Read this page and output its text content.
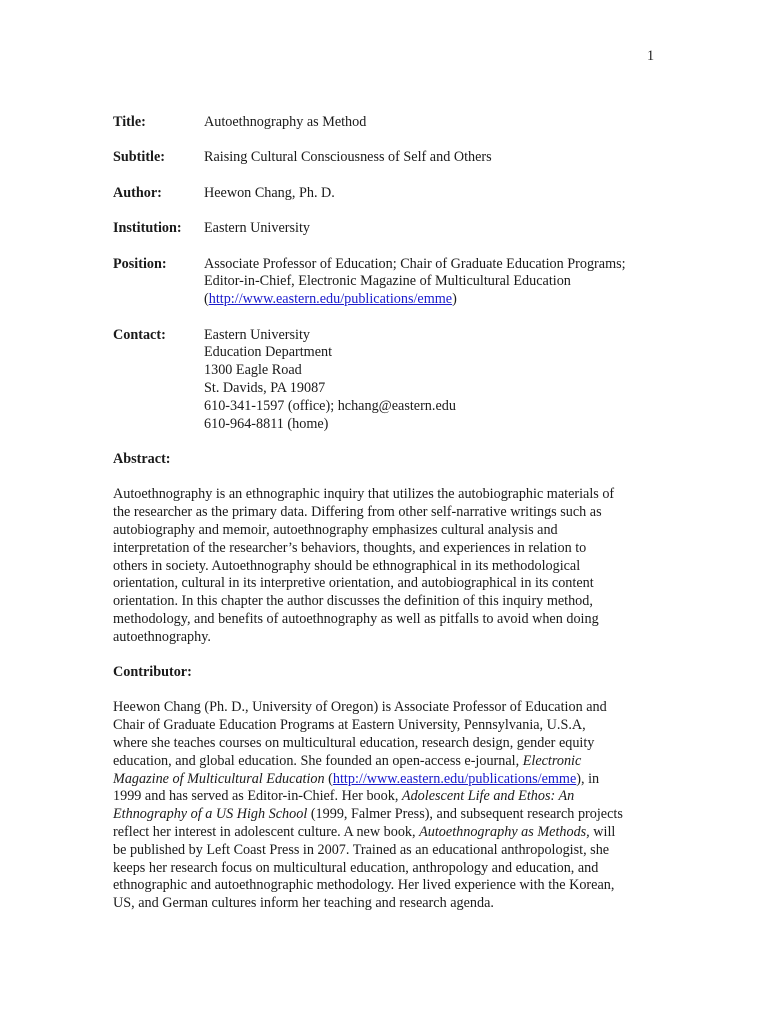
1
Title:	Autoethnography as Method
Subtitle:	Raising Cultural Consciousness of Self and Others
Author:	Heewon Chang, Ph. D.
Institution:	Eastern University
Position:	Associate Professor of Education; Chair of Graduate Education Programs;
Editor-in-Chief, Electronic Magazine of Multicultural Education
(http://www.eastern.edu/publications/emme)
Contact:	Eastern University
Education Department
1300 Eagle Road
St. Davids, PA 19087
610-341-1597 (office); hchang@eastern.edu
610-964-8811 (home)
Abstract:
Autoethnography is an ethnographic inquiry that utilizes the autobiographic materials of
the researcher as the primary data. Differing from other self-narrative writings such as
autobiography and memoir, autoethnography emphasizes cultural analysis and
interpretation of the researcher’s behaviors, thoughts, and experiences in relation to
others in society. Autoethnography should be ethnographical in its methodological
orientation, cultural in its interpretive orientation, and autobiographical in its content
orientation. In this chapter the author discusses the definition of this inquiry method,
methodology, and benefits of autoethnography as well as pitfalls to avoid when doing
autoethnography.
Contributor:
Heewon Chang (Ph. D., University of Oregon) is Associate Professor of Education and
Chair of Graduate Education Programs at Eastern University, Pennsylvania, U.S.A,
where she teaches courses on multicultural education, research design, gender equity
education, and global education. She founded an open-access e-journal, Electronic
Magazine of Multicultural Education (http://www.eastern.edu/publications/emme), in
1999 and has served as Editor-in-Chief. Her book, Adolescent Life and Ethos: An
Ethnography of a US High School (1999, Falmer Press), and subsequent research projects
reflect her interest in adolescent culture. A new book, Autoethnography as Methods, will
be published by Left Coast Press in 2007. Trained as an educational anthropologist, she
keeps her research focus on multicultural education, anthropology and education, and
ethnographic and autoethnographic methodology. Her lived experience with the Korean,
US, and German cultures inform her teaching and research agenda.
